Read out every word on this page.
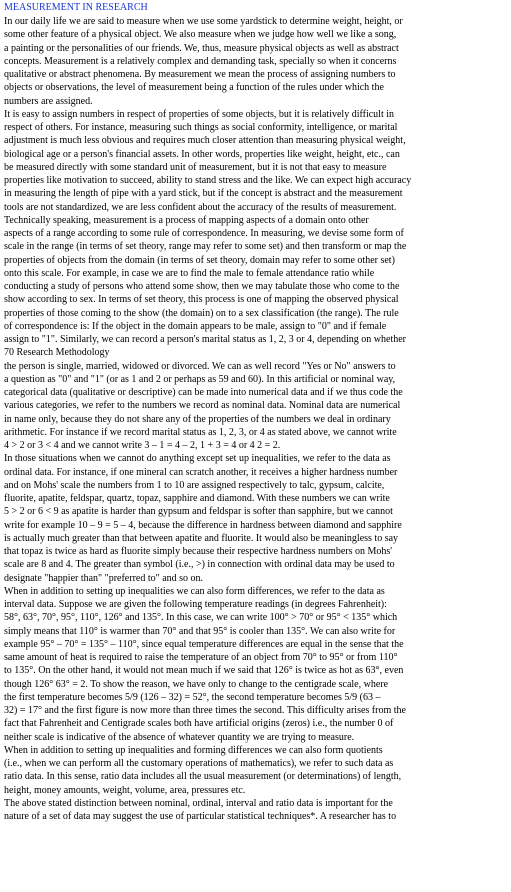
MEASUREMENT IN RESEARCH
In our daily life we are said to measure when we use some yardstick to determine weight, height, or
some other feature of a physical object. We also measure when we judge how well we like a song,
a painting or the personalities of our friends. We, thus, measure physical objects as well as abstract
concepts. Measurement is a relatively complex and demanding task, specially so when it concerns
qualitative or abstract phenomena. By measurement we mean the process of assigning numbers to
objects or observations, the level of measurement being a function of the rules under which the
numbers are assigned.
It is easy to assign numbers in respect of properties of some objects, but it is relatively difficult in
respect of others. For instance, measuring such things as social conformity, intelligence, or marital
adjustment is much less obvious and requires much closer attention than measuring physical weight,
biological age or a person's financial assets. In other words, properties like weight, height, etc., can
be measured directly with some standard unit of measurement, but it is not that easy to measure
properties like motivation to succeed, ability to stand stress and the like. We can expect high accuracy
in measuring the length of pipe with a yard stick, but if the concept is abstract and the measurement
tools are not standardized, we are less confident about the accuracy of the results of measurement.
Technically speaking, measurement is a process of mapping aspects of a domain onto other
aspects of a range according to some rule of correspondence. In measuring, we devise some form of
scale in the range (in terms of set theory, range may refer to some set) and then transform or map the
properties of objects from the domain (in terms of set theory, domain may refer to some other set)
onto this scale. For example, in case we are to find the male to female attendance ratio while
conducting a study of persons who attend some show, then we may tabulate those who come to the
show according to sex. In terms of set theory, this process is one of mapping the observed physical
properties of those coming to the show (the domain) on to a sex classification (the range). The rule
of correspondence is: If the object in the domain appears to be male, assign to "0" and if female
assign to "1". Similarly, we can record a person's marital status as 1, 2, 3 or 4, depending on whether
70 Research Methodology
the person is single, married, widowed or divorced. We can as well record "Yes or No" answers to
a question as "0" and "1" (or as 1 and 2 or perhaps as 59 and 60). In this artificial or nominal way,
categorical data (qualitative or descriptive) can be made into numerical data and if we thus code the
various categories, we refer to the numbers we record as nominal data. Nominal data are numerical
in name only, because they do not share any of the properties of the numbers we deal in ordinary
arithmetic. For instance if we record marital status as 1, 2, 3, or 4 as stated above, we cannot write
4 > 2 or 3 < 4 and we cannot write 3 – 1 = 4 – 2, 1 + 3 = 4 or 4 2 = 2.
In those situations when we cannot do anything except set up inequalities, we refer to the data as
ordinal data. For instance, if one mineral can scratch another, it receives a higher hardness number
and on Mohs' scale the numbers from 1 to 10 are assigned respectively to talc, gypsum, calcite,
fluorite, apatite, feldspar, quartz, topaz, sapphire and diamond. With these numbers we can write
5 > 2 or 6 < 9 as apatite is harder than gypsum and feldspar is softer than sapphire, but we cannot
write for example 10 – 9 = 5 – 4, because the difference in hardness between diamond and sapphire
is actually much greater than that between apatite and fluorite. It would also be meaningless to say
that topaz is twice as hard as fluorite simply because their respective hardness numbers on Mohs'
scale are 8 and 4. The greater than symbol (i.e., >) in connection with ordinal data may be used to
designate "happier than" "preferred to" and so on.
When in addition to setting up inequalities we can also form differences, we refer to the data as
interval data. Suppose we are given the following temperature readings (in degrees Fahrenheit):
58°, 63°, 70°, 95°, 110°, 126° and 135°. In this case, we can write 100° > 70° or 95° < 135° which
simply means that 110° is warmer than 70° and that 95° is cooler than 135°. We can also write for
example 95° – 70° = 135° – 110°, since equal temperature differences are equal in the sense that the
same amount of heat is required to raise the temperature of an object from 70° to 95° or from 110°
to 135°. On the other hand, it would not mean much if we said that 126° is twice as hot as 63°, even
though 126° 63° = 2. To show the reason, we have only to change to the centigrade scale, where
the first temperature becomes 5/9 (126 – 32) = 52°, the second temperature becomes 5/9 (63 –
32) = 17° and the first figure is now more than three times the second. This difficulty arises from the
fact that Fahrenheit and Centigrade scales both have artificial origins (zeros) i.e., the number 0 of
neither scale is indicative of the absence of whatever quantity we are trying to measure.
When in addition to setting up inequalities and forming differences we can also form quotients
(i.e., when we can perform all the customary operations of mathematics), we refer to such data as
ratio data. In this sense, ratio data includes all the usual measurement (or determinations) of length,
height, money amounts, weight, volume, area, pressures etc.
The above stated distinction between nominal, ordinal, interval and ratio data is important for the
nature of a set of data may suggest the use of particular statistical techniques*. A researcher has to
